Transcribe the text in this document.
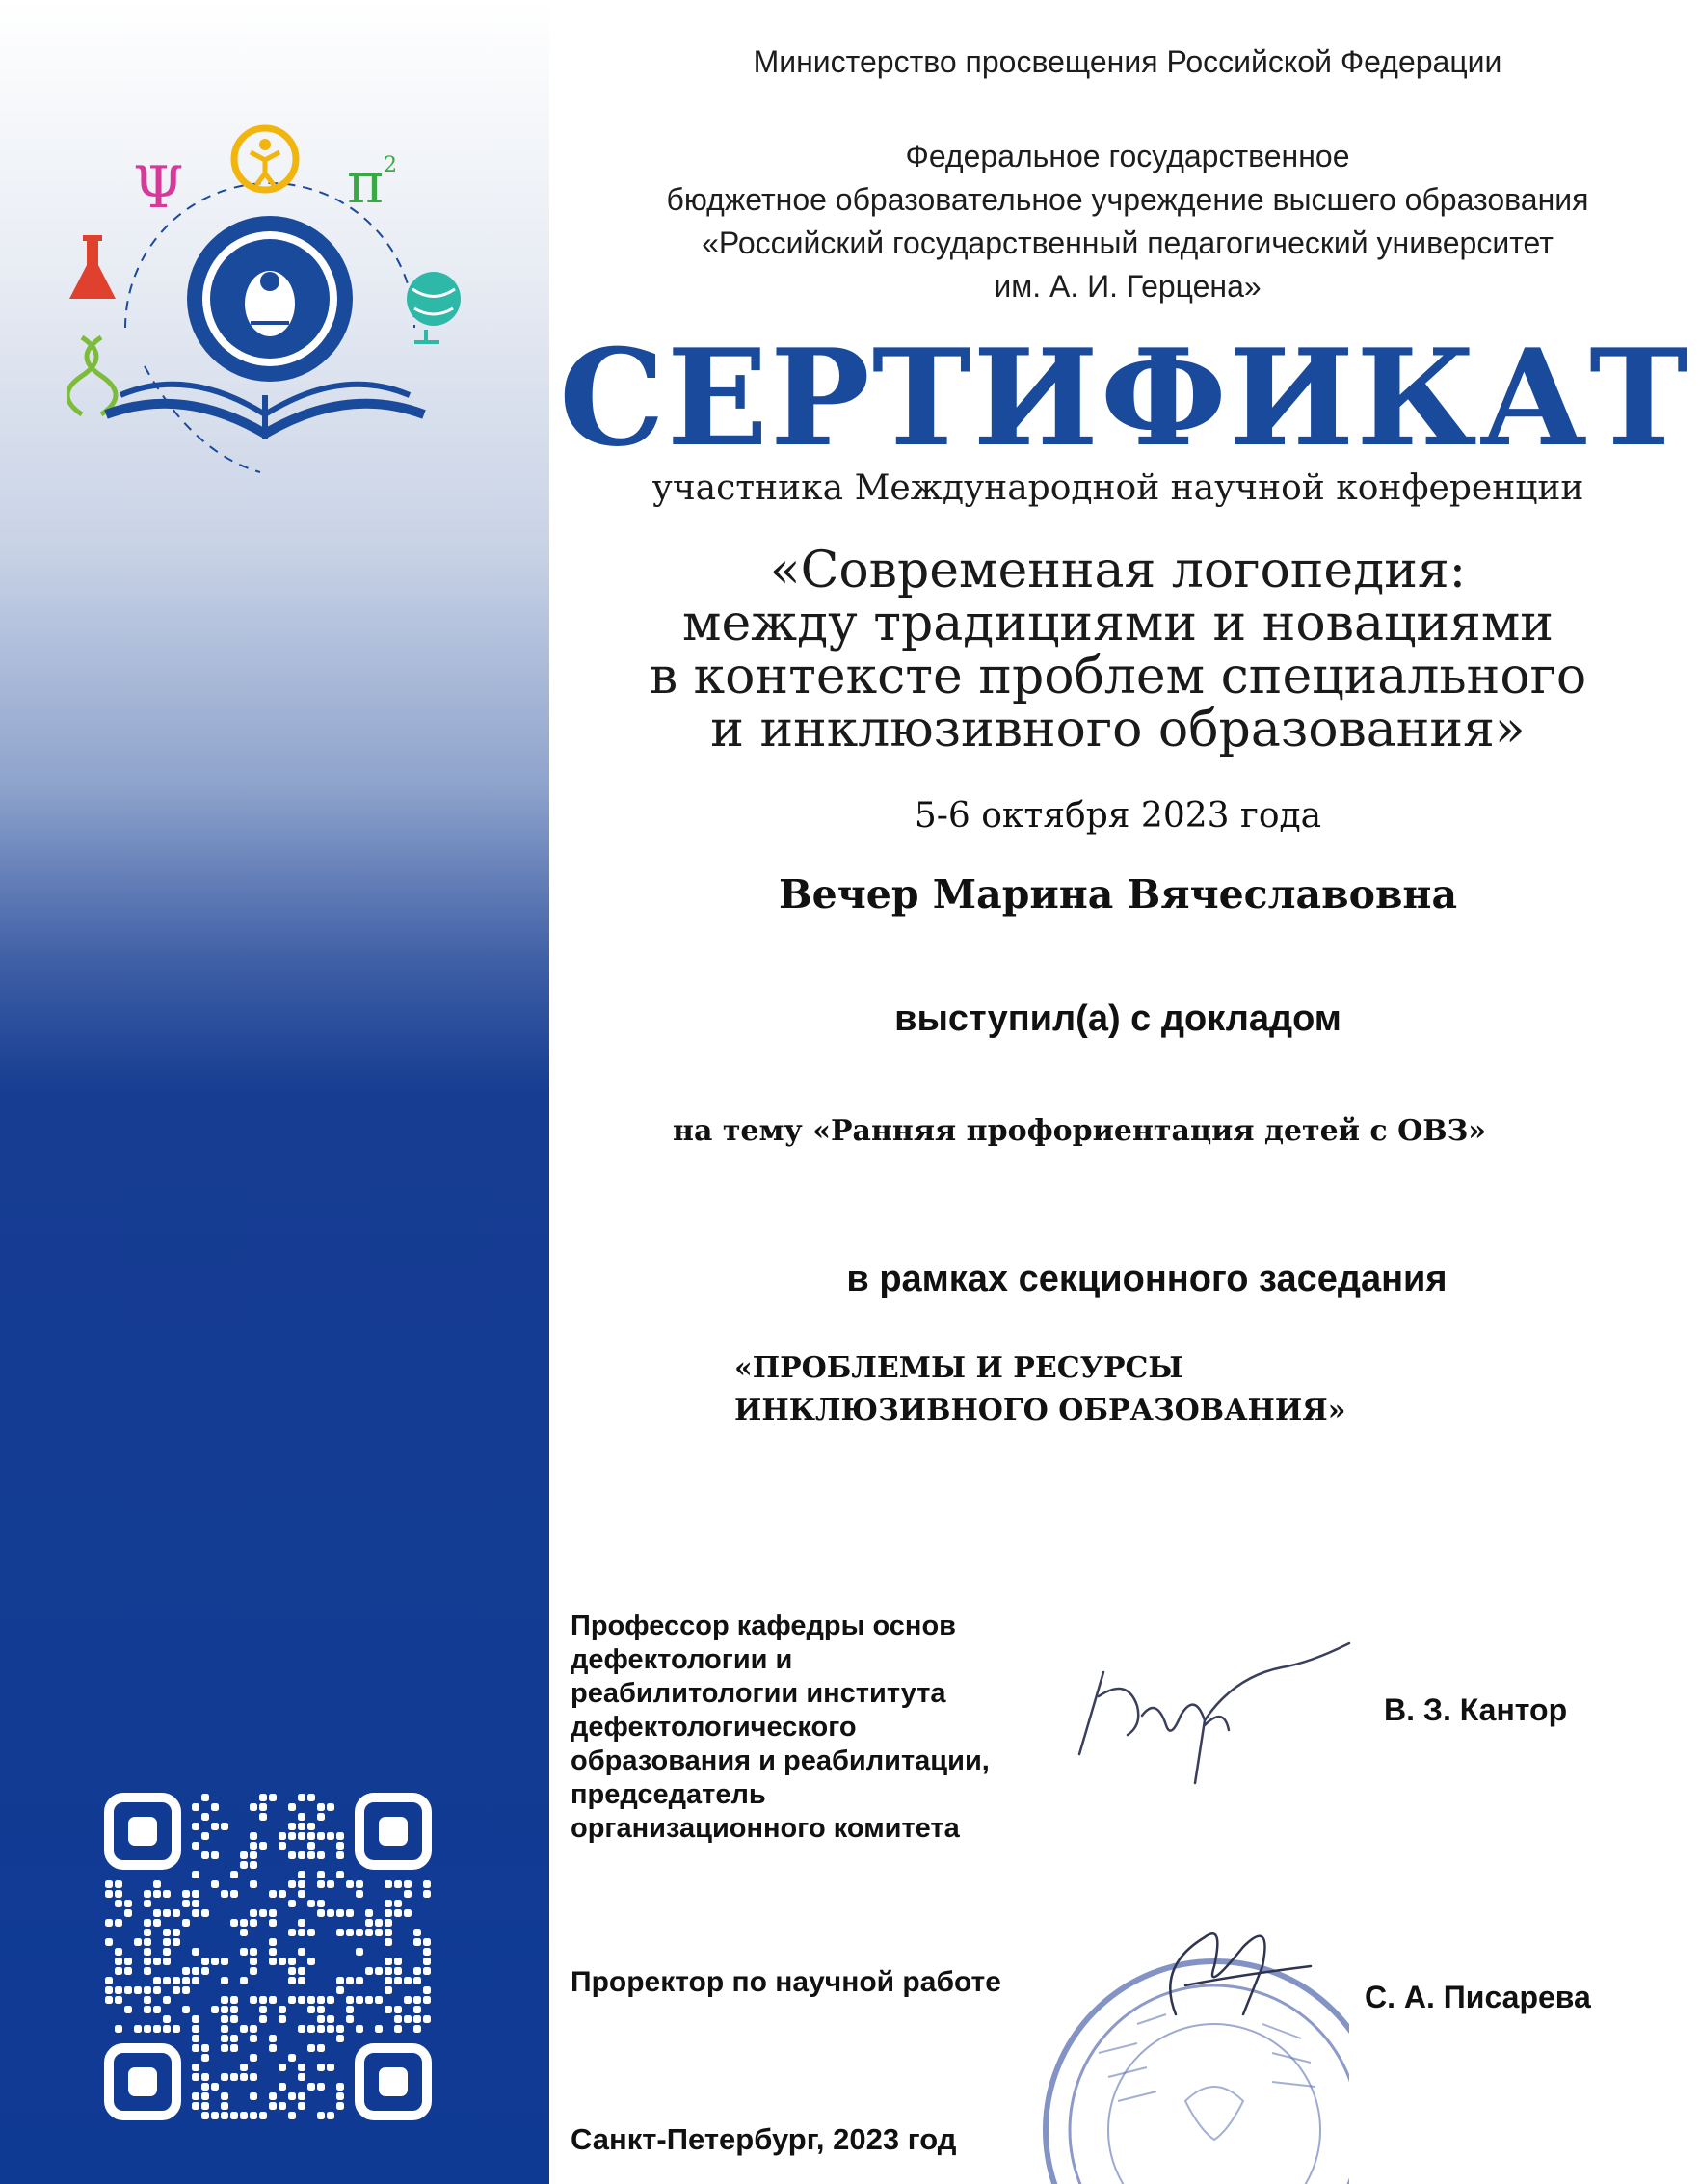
Ψ	π 2

Министерство просвещения Российской Федерации

Федеральное государственное
бюджетное образовательное учреждение высшего образования
«Российский государственный педагогический университет
им. А. И. Герцена»
СЕРТИФИКАТ

участника Международной научной конференции

«Современная логопедия:
между традициями и новациями
в контексте проблем специального
и инклюзивного образования»

5-6 октября 2023 года

Вечер Марина Вячеславовна

выступил(а) с докладом

на тему «Ранняя профориентация детей с ОВЗ»

в рамках секционного заседания

«ПРОБЛЕМЫ И РЕСУРСЫ
ИНКЛЮЗИВНОГО ОБРАЗОВАНИЯ»
Профессор кафедры основ
дефектологии и
реабилитологии института
дефектологического
образования и реабилитации,
председатель
организационного комитета

В. З. Кантор

Проректор по научной работе	С. А. Писарева

Санкт-Петербург, 2023 год
